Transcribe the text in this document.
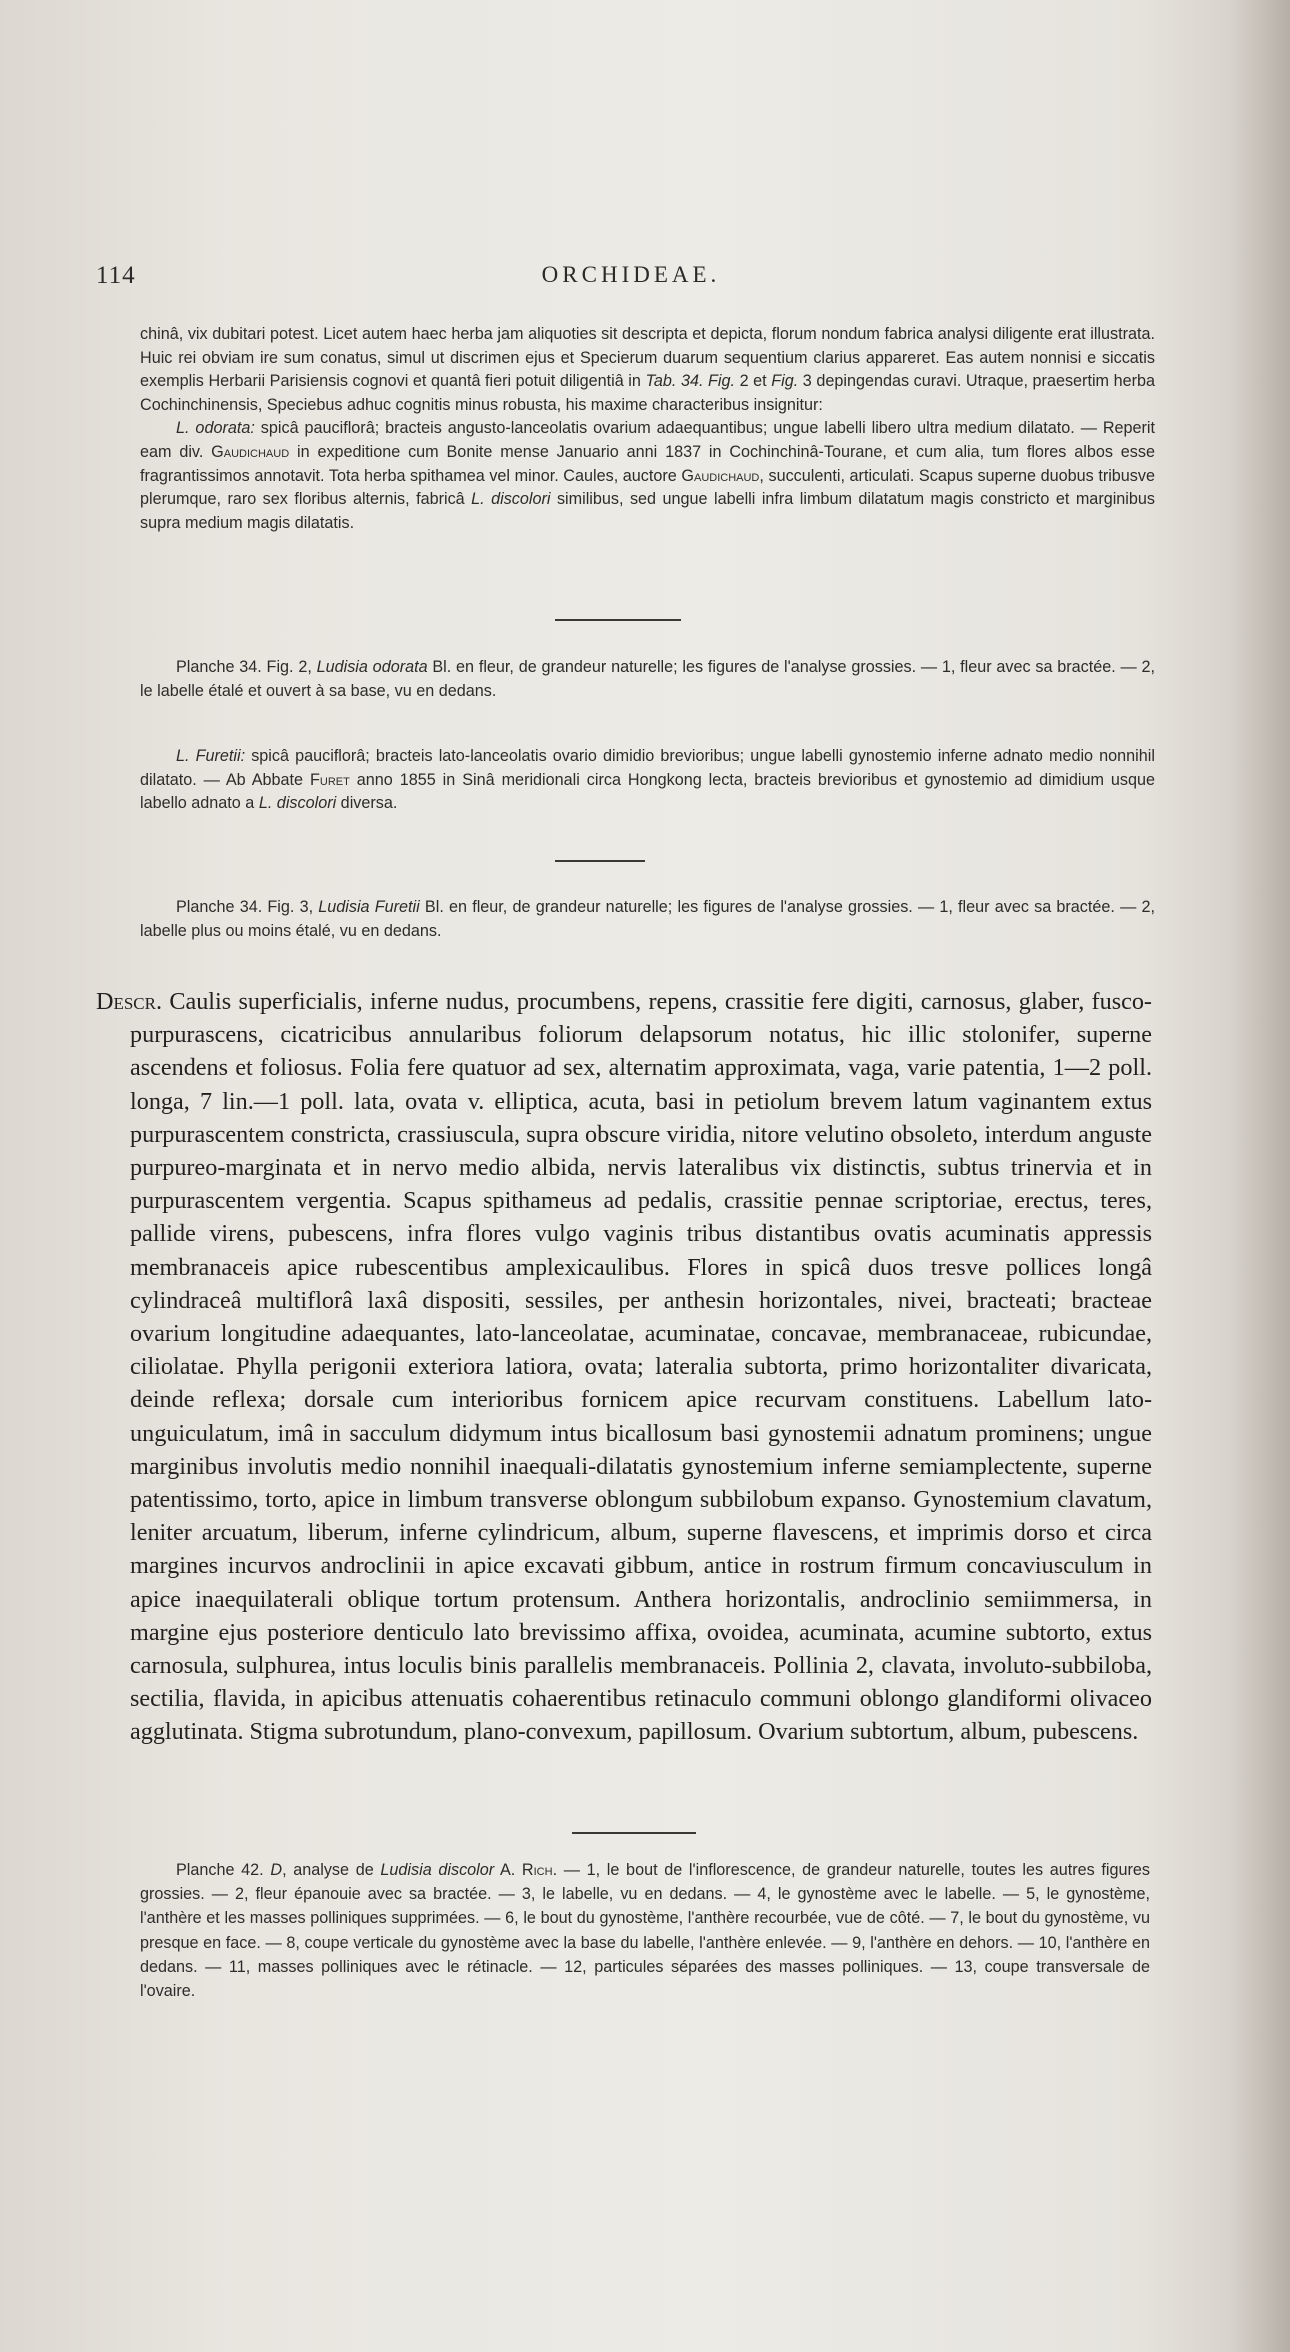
114	ORCHIDEAE.

chinâ, vix dubitari potest. Licet autem haec herba jam aliquoties sit descripta et depicta, florum nondum fabrica analysi diligente erat illustrata. Huic rei obviam ire sum conatus, simul ut discrimen ejus et Specierum duarum sequentium clarius appareret. Eas autem nonnisi e siccatis exemplis Herbarii Parisiensis cognovi et quantâ fieri potuit diligentiâ in Tab. 34. Fig. 2 et Fig. 3 depingendas curavi. Utraque, praesertim herba Cochinchinensis, Speciebus adhuc cognitis minus robusta, his maxime characteribus insignitur:

L. odorata: spicâ pauciflorâ; bracteis angusto-lanceolatis ovarium adaequantibus; ungue labelli libero ultra medium dilatato. — Reperit eam div. Gaudichaud in expeditione cum Bonite mense Januario anni 1837 in Cochinchinâ-Tourane, et cum alia, tum flores albos esse fragrantissimos annotavit. Tota herba spithamea vel minor. Caules, auctore Gaudichaud, succulenti, articulati. Scapus superne duobus tribusve plerumque, raro sex floribus alternis, fabricâ L. discolori similibus, sed ungue labelli infra limbum dilatatum magis constricto et marginibus supra medium magis dilatatis.

Planche 34. Fig. 2, Ludisia odorata Bl. en fleur, de grandeur naturelle; les figures de l'analyse grossies. — 1, fleur avec sa bractée. — 2, le labelle étalé et ouvert à sa base, vu en dedans.

L. Furetii: spicâ pauciflorâ; bracteis lato-lanceolatis ovario dimidio brevioribus; ungue labelli gynostemio inferne adnato medio nonnihil dilatato. — Ab Abbate Furet anno 1855 in Sinâ meridionali circa Hongkong lecta, bracteis brevioribus et gynostemio ad dimidium usque labello adnato a L. discolori diversa.

Planche 34. Fig. 3, Ludisia Furetii Bl. en fleur, de grandeur naturelle; les figures de l'analyse grossies. — 1, fleur avec sa bractée. — 2, labelle plus ou moins étalé, vu en dedans.

Descr. Caulis superficialis, inferne nudus, procumbens, repens, crassitie fere digiti, carnosus, glaber, fusco-purpurascens, cicatricibus annularibus foliorum delapsorum notatus, hic illic stolonifer, superne ascendens et foliosus. Folia fere quatuor ad sex, alternatim approximata, vaga, varie patentia, 1—2 poll. longa, 7 lin.—1 poll. lata, ovata v. elliptica, acuta, basi in petiolum brevem latum vaginantem extus purpurascentem constricta, crassiuscula, supra obscure viridia, nitore velutino obsoleto, interdum anguste purpureo-marginata et in nervo medio albida, nervis lateralibus vix distinctis, subtus trinervia et in purpurascentem vergentia. Scapus spithameus ad pedalis, crassitie pennae scriptoriae, erectus, teres, pallide virens, pubescens, infra flores vulgo vaginis tribus distantibus ovatis acuminatis appressis membranaceis apice rubescentibus amplexicaulibus. Flores in spicâ duos tresve pollices longâ cylindraceâ multiflorâ laxâ dispositi, sessiles, per anthesin horizontales, nivei, bracteati; bracteae ovarium longitudine adaequantes, lato-lanceolatae, acuminatae, concavae, membranaceae, rubicundae, ciliolatae. Phylla perigonii exteriora latiora, ovata; lateralia subtorta, primo horizontaliter divaricata, deinde reflexa; dorsale cum interioribus fornicem apice recurvam constituens. Labellum lato-unguiculatum, imâ in sacculum didymum intus bicallosum basi gynostemii adnatum prominens; ungue marginibus involutis medio nonnihil inaequali-dilatatis gynostemium inferne semiamplectente, superne patentissimo, torto, apice in limbum transverse oblongum subbilobum expanso. Gynostemium clavatum, leniter arcuatum, liberum, inferne cylindricum, album, superne flavescens, et imprimis dorso et circa margines incurvos androclinii in apice excavati gibbum, antice in rostrum firmum concaviusculum in apice inaequilaterali oblique tortum protensum. Anthera horizontalis, androclinio semiimmersa, in margine ejus posteriore denticulo lato brevissimo affixa, ovoidea, acuminata, acumine subtorto, extus carnosula, sulphurea, intus loculis binis parallelis membranaceis. Pollinia 2, clavata, involuto-subbiloba, sectilia, flavida, in apicibus attenuatis cohaerentibus retinaculo communi oblongo glandiformi olivaceo agglutinata. Stigma subrotundum, plano-convexum, papillosum. Ovarium subtortum, album, pubescens.

Planche 42. D, analyse de Ludisia discolor A. Rich. — 1, le bout de l'inflorescence, de grandeur naturelle, toutes les autres figures grossies. — 2, fleur épanouie avec sa bractée. — 3, le labelle, vu en dedans. — 4, le gynostème avec le labelle. — 5, le gynostème, l'anthère et les masses polliniques supprimées. — 6, le bout du gynostème, l'anthère recourbée, vue de côté. — 7, le bout du gynostème, vu presque en face. — 8, coupe verticale du gynostème avec la base du labelle, l'anthère enlevée. — 9, l'anthère en dehors. — 10, l'anthère en dedans. — 11, masses polliniques avec le rétinacle. — 12, particules séparées des masses polliniques. — 13, coupe transversale de l'ovaire.
